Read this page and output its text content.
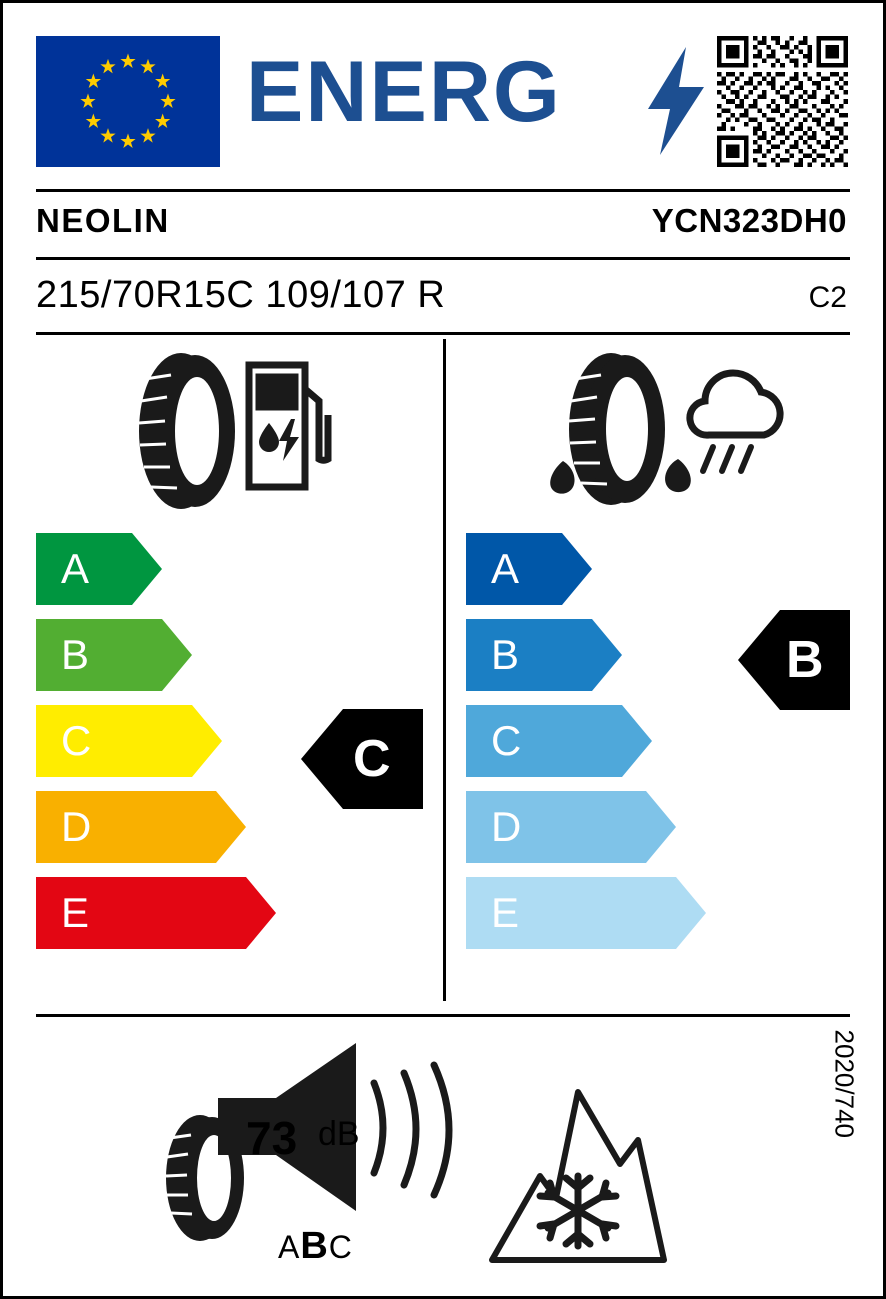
ENERG
NEOLIN	YCN323DH0
215/70R15C 109/107 R	C2
A
B
C
D
E
C
A
B
C
D
E
B
73 dB
ABC
2020/740
